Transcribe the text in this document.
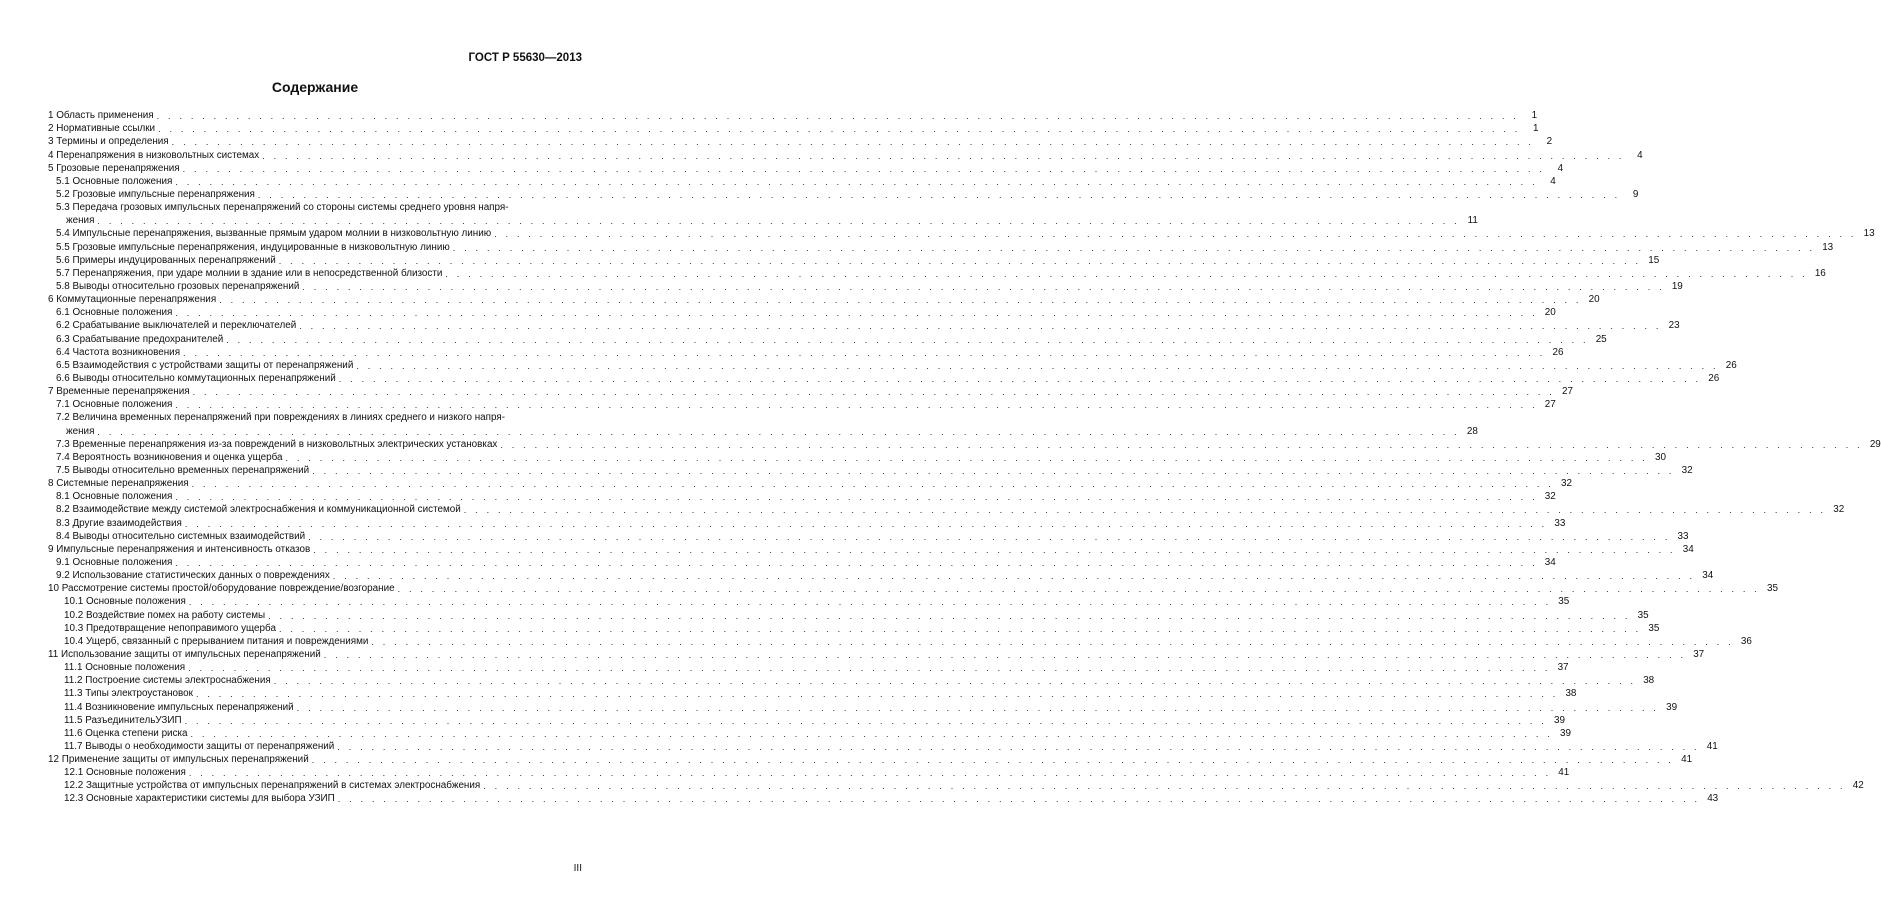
ГОСТ Р 55630—2013
Содержание
1 Область применения . . . . . . . . . . . . . . . . . . . . . . . . . . . . . . . . . . . . . . . . . . . . . . . . . . . . . . . . . . . . . . . . . . . . . . . . . . . . . . . . . . . . . . . . . . . . . . . . . . . . . . . . . . . . . . . . . . . . . . . .	1
2 Нормативные ссылки . . . . . . . . . . . . . . . . . . . . . . . . . . . . . . . . . . . . . . . . . . . . . . . . . . . . . . . . . . . . . . . . . . . . . . . . . . . . . . . . . . . . . . . . . . . . . . . . . . . . . . . . . . . . . . . . . . . . . . . .	1
3 Термины и определения . . . . . . . . . . . . . . . . . . . . . . . . . . . . . . . . . . . . . . . . . . . . . . . . . . . . . . . . . . . . . . . . . . . . . . . . . . . . . . . . . . . . . . . . . . . . . . . . . . . . . . . . . . . . . . . . . . . . . . . .	2
4 Перенапряжения в низковольтных системах . . . . . . . . . . . . . . . . . . . . . . . . . . . . . . . . . . . . . . . . . . . . . . . . . . . . . . . . . . . . . . . . . . . . . . . . . . . . . . . . . . . . . . . . . . . . . . . . . . . . . . . . . . . . . . . . . . . . . . . .	4
5 Грозовые перенапряжения . . . . . . . . . . . . . . . . . . . . . . . . . . . . . . . . . . . . . . . . . . . . . . . . . . . . . . . . . . . . . . . . . . . . . . . . . . . . . . . . . . . . . . . . . . . . . . . . . . . . . . . . . . . . . . . . . . . . . . . .	4
5.1 Основные положения . . . . . . . . . . . . . . . . . . . . . . . . . . . . . . . . . . . . . . . . . . . . . . . . . . . . . . . . . . . . . . . . . . . . . . . . . . . . . . . . . . . . . . . . . . . . . . . . . . . . . . . . . . . . . . . . . . . . . . . .	4
5.2 Грозовые импульсные перенапряжения . . . . . . . . . . . . . . . . . . . . . . . . . . . . . . . . . . . . . . . . . . . . . . . . . . . . . . . . . . . . . . . . . . . . . . . . . . . . . . . . . . . . . . . . . . . . . . . . . . . . . . . . . . . . . . . . . . . . . . . .	9
5.3 Передача грозовых импульсных перенапряжений со стороны системы среднего уровня напря-
жения . . . . . . . . . . . . . . . . . . . . . . . . . . . . . . . . . . . . . . . . . . . . . . . . . . . . . . . . . . . . . . . . . . . . . . . . . . . . . . . . . . . . . . . . . . . . . . . . . . . . . . . . . . . . . . . . . . . . . . . . 11
5.4 Импульсные перенапряжения, вызванные прямым ударом молнии в низковольтную линию . . . . . . . . . . . . . . . . . . . . . . . . . . . . . . . . . . . . . . . . . . . . . . . . . . . . . . . . . . . . . . . . . . . . . . . . . . . . . . . . . . . . . . . . . . . . . . . . . . . . . . . . . . . . . . . . . . . . . . . . 13
5.5 Грозовые импульсные перенапряжения, индуцированные в низковольтную линию . . . . . . . . . . . . . . . . . . . . . . . . . . . . . . . . . . . . . . . . . . . . . . . . . . . . . . . . . . . . . . . . . . . . . . . . . . . . . . . . . . . . . . . . . . . . . . . . . . . . . . . . . . . . . . . . . . . . . . . . 13
5.6 Примеры индуцированных перенапряжений . . . . . . . . . . . . . . . . . . . . . . . . . . . . . . . . . . . . . . . . . . . . . . . . . . . . . . . . . . . . . . . . . . . . . . . . . . . . . . . . . . . . . . . . . . . . . . . . . . . . . . . . . . . . . . . . . . . . . . . . 15
5.7 Перенапряжения, при ударе молнии в здание или в непосредственной близости . . . . . . . . . . . . . . . . . . . . . . . . . . . . . . . . . . . . . . . . . . . . . . . . . . . . . . . . . . . . . . . . . . . . . . . . . . . . . . . . . . . . . . . . . . . . . . . . . . . . . . . . . . . . . . . . . . . . . . . . 16
5.8 Выводы относительно грозовых перенапряжений . . . . . . . . . . . . . . . . . . . . . . . . . . . . . . . . . . . . . . . . . . . . . . . . . . . . . . . . . . . . . . . . . . . . . . . . . . . . . . . . . . . . . . . . . . . . . . . . . . . . . . . . . . . . . . . . . . . . . . . . 19
6 Коммутационные перенапряжения . . . . . . . . . . . . . . . . . . . . . . . . . . . . . . . . . . . . . . . . . . . . . . . . . . . . . . . . . . . . . . . . . . . . . . . . . . . . . . . . . . . . . . . . . . . . . . . . . . . . . . . . . . . . . . . . . . . . . . . . 20
6.1 Основные положения . . . . . . . . . . . . . . . . . . . . . . . . . . . . . . . . . . . . . . . . . . . . . . . . . . . . . . . . . . . . . . . . . . . . . . . . . . . . . . . . . . . . . . . . . . . . . . . . . . . . . . . . . . . . . . . . . . . . . . . . 20
6.2 Срабатывание выключателей и переключателей . . . . . . . . . . . . . . . . . . . . . . . . . . . . . . . . . . . . . . . . . . . . . . . . . . . . . . . . . . . . . . . . . . . . . . . . . . . . . . . . . . . . . . . . . . . . . . . . . . . . . . . . . . . . . . . . . . . . . . . . 23
6.3 Срабатывание предохранителей . . . . . . . . . . . . . . . . . . . . . . . . . . . . . . . . . . . . . . . . . . . . . . . . . . . . . . . . . . . . . . . . . . . . . . . . . . . . . . . . . . . . . . . . . . . . . . . . . . . . . . . . . . . . . . . . . . . . . . . . 25
6.4 Частота возникновения . . . . . . . . . . . . . . . . . . . . . . . . . . . . . . . . . . . . . . . . . . . . . . . . . . . . . . . . . . . . . . . . . . . . . . . . . . . . . . . . . . . . . . . . . . . . . . . . . . . . . . . . . . . . . . . . . . . . . . . . 26
6.5 Взаимодействия с устройствами защиты от перенапряжений . . . . . . . . . . . . . . . . . . . . . . . . . . . . . . . . . . . . . . . . . . . . . . . . . . . . . . . . . . . . . . . . . . . . . . . . . . . . . . . . . . . . . . . . . . . . . . . . . . . . . . . . . . . . . . . . . . . . . . . . 26
6.6 Выводы относительно коммутационных перенапряжений . . . . . . . . . . . . . . . . . . . . . . . . . . . . . . . . . . . . . . . . . . . . . . . . . . . . . . . . . . . . . . . . . . . . . . . . . . . . . . . . . . . . . . . . . . . . . . . . . . . . . . . . . . . . . . . . . . . . . . . . 26
7 Временные перенапряжения . . . . . . . . . . . . . . . . . . . . . . . . . . . . . . . . . . . . . . . . . . . . . . . . . . . . . . . . . . . . . . . . . . . . . . . . . . . . . . . . . . . . . . . . . . . . . . . . . . . . . . . . . . . . . . . . . . . . . . . . 27
7.1 Основные положения . . . . . . . . . . . . . . . . . . . . . . . . . . . . . . . . . . . . . . . . . . . . . . . . . . . . . . . . . . . . . . . . . . . . . . . . . . . . . . . . . . . . . . . . . . . . . . . . . . . . . . . . . . . . . . . . . . . . . . . . 27
7.2 Величина временных перенапряжений при повреждениях в линиях среднего и низкого напря-
жения . . . . . . . . . . . . . . . . . . . . . . . . . . . . . . . . . . . . . . . . . . . . . . . . . . . . . . . . . . . . . . . . . . . . . . . . . . . . . . . . . . . . . . . . . . . . . . . . . . . . . . . . . . . . . . . . . . . . . . . . 28
7.3 Временные перенапряжения из-за повреждений в низковольтных электрических установках . . . . . . . . . . . . . . . . . . . . . . . . . . . . . . . . . . . . . . . . . . . . . . . . . . . . . . . . . . . . . . . . . . . . . . . . . . . . . . . . . . . . . . . . . . . . . . . . . . . . . . . . . . . . . . . . . . . . . . . . 29
7.4 Вероятность возникновения и оценка ущерба . . . . . . . . . . . . . . . . . . . . . . . . . . . . . . . . . . . . . . . . . . . . . . . . . . . . . . . . . . . . . . . . . . . . . . . . . . . . . . . . . . . . . . . . . . . . . . . . . . . . . . . . . . . . . . . . . . . . . . . . 30
7.5 Выводы относительно временных перенапряжений . . . . . . . . . . . . . . . . . . . . . . . . . . . . . . . . . . . . . . . . . . . . . . . . . . . . . . . . . . . . . . . . . . . . . . . . . . . . . . . . . . . . . . . . . . . . . . . . . . . . . . . . . . . . . . . . . . . . . . . . 32
8 Системные перенапряжения . . . . . . . . . . . . . . . . . . . . . . . . . . . . . . . . . . . . . . . . . . . . . . . . . . . . . . . . . . . . . . . . . . . . . . . . . . . . . . . . . . . . . . . . . . . . . . . . . . . . . . . . . . . . . . . . . . . . . . . . 32
8.1 Основные положения . . . . . . . . . . . . . . . . . . . . . . . . . . . . . . . . . . . . . . . . . . . . . . . . . . . . . . . . . . . . . . . . . . . . . . . . . . . . . . . . . . . . . . . . . . . . . . . . . . . . . . . . . . . . . . . . . . . . . . . . 32
8.2 Взаимодействие между системой электроснабжения и коммуникационной системой . . . . . . . . . . . . . . . . . . . . . . . . . . . . . . . . . . . . . . . . . . . . . . . . . . . . . . . . . . . . . . . . . . . . . . . . . . . . . . . . . . . . . . . . . . . . . . . . . . . . . . . . . . . . . . . . . . . . . . . . 32
8.3 Другие взаимодействия . . . . . . . . . . . . . . . . . . . . . . . . . . . . . . . . . . . . . . . . . . . . . . . . . . . . . . . . . . . . . . . . . . . . . . . . . . . . . . . . . . . . . . . . . . . . . . . . . . . . . . . . . . . . . . . . . . . . . . . . 33
8.4 Выводы относительно системных взаимодействий . . . . . . . . . . . . . . . . . . . . . . . . . . . . . . . . . . . . . . . . . . . . . . . . . . . . . . . . . . . . . . . . . . . . . . . . . . . . . . . . . . . . . . . . . . . . . . . . . . . . . . . . . . . . . . . . . . . . . . . . 33
9 Импульсные перенапряжения и интенсивность отказов . . . . . . . . . . . . . . . . . . . . . . . . . . . . . . . . . . . . . . . . . . . . . . . . . . . . . . . . . . . . . . . . . . . . . . . . . . . . . . . . . . . . . . . . . . . . . . . . . . . . . . . . . . . . . . . . . . . . . . . . 34
9.1 Основные положения . . . . . . . . . . . . . . . . . . . . . . . . . . . . . . . . . . . . . . . . . . . . . . . . . . . . . . . . . . . . . . . . . . . . . . . . . . . . . . . . . . . . . . . . . . . . . . . . . . . . . . . . . . . . . . . . . . . . . . . . 34
9.2 Использование статистических данных о повреждениях . . . . . . . . . . . . . . . . . . . . . . . . . . . . . . . . . . . . . . . . . . . . . . . . . . . . . . . . . . . . . . . . . . . . . . . . . . . . . . . . . . . . . . . . . . . . . . . . . . . . . . . . . . . . . . . . . . . . . . . . 34
10 Рассмотрение системы простой/оборудование повреждение/возгорание . . . . . . . . . . . . . . . . . . . . . . . . . . . . . . . . . . . . . . . . . . . . . . . . . . . . . . . . . . . . . . . . . . . . . . . . . . . . . . . . . . . . . . . . . . . . . . . . . . . . . . . . . . . . . . . . . . . . . . . . 35
10.1 Основные положения . . . . . . . . . . . . . . . . . . . . . . . . . . . . . . . . . . . . . . . . . . . . . . . . . . . . . . . . . . . . . . . . . . . . . . . . . . . . . . . . . . . . . . . . . . . . . . . . . . . . . . . . . . . . . . . . . . . . . . . . 35
10.2 Воздействие помех на работу системы . . . . . . . . . . . . . . . . . . . . . . . . . . . . . . . . . . . . . . . . . . . . . . . . . . . . . . . . . . . . . . . . . . . . . . . . . . . . . . . . . . . . . . . . . . . . . . . . . . . . . . . . . . . . . . . . . . . . . . . . 35
10.3 Предотвращение непоправимого ущерба . . . . . . . . . . . . . . . . . . . . . . . . . . . . . . . . . . . . . . . . . . . . . . . . . . . . . . . . . . . . . . . . . . . . . . . . . . . . . . . . . . . . . . . . . . . . . . . . . . . . . . . . . . . . . . . . . . . . . . . . 35
10.4 Ущерб, связанный с прерыванием питания и повреждениями . . . . . . . . . . . . . . . . . . . . . . . . . . . . . . . . . . . . . . . . . . . . . . . . . . . . . . . . . . . . . . . . . . . . . . . . . . . . . . . . . . . . . . . . . . . . . . . . . . . . . . . . . . . . . . . . . . . . . . . . 36
11 Использование защиты от импульсных перенапряжений . . . . . . . . . . . . . . . . . . . . . . . . . . . . . . . . . . . . . . . . . . . . . . . . . . . . . . . . . . . . . . . . . . . . . . . . . . . . . . . . . . . . . . . . . . . . . . . . . . . . . . . . . . . . . . . . . . . . . . . . 37
11.1 Основные положения . . . . . . . . . . . . . . . . . . . . . . . . . . . . . . . . . . . . . . . . . . . . . . . . . . . . . . . . . . . . . . . . . . . . . . . . . . . . . . . . . . . . . . . . . . . . . . . . . . . . . . . . . . . . . . . . . . . . . . . . 37
11.2 Построение системы электроснабжения . . . . . . . . . . . . . . . . . . . . . . . . . . . . . . . . . . . . . . . . . . . . . . . . . . . . . . . . . . . . . . . . . . . . . . . . . . . . . . . . . . . . . . . . . . . . . . . . . . . . . . . . . . . . . . . . . . . . . . . . 38
11.3 Типы электроустановок . . . . . . . . . . . . . . . . . . . . . . . . . . . . . . . . . . . . . . . . . . . . . . . . . . . . . . . . . . . . . . . . . . . . . . . . . . . . . . . . . . . . . . . . . . . . . . . . . . . . . . . . . . . . . . . . . . . . . . . . 38
11.4 Возникновение импульсных перенапряжений . . . . . . . . . . . . . . . . . . . . . . . . . . . . . . . . . . . . . . . . . . . . . . . . . . . . . . . . . . . . . . . . . . . . . . . . . . . . . . . . . . . . . . . . . . . . . . . . . . . . . . . . . . . . . . . . . . . . . . . . 39
11.5 РазъединительУЗИП . . . . . . . . . . . . . . . . . . . . . . . . . . . . . . . . . . . . . . . . . . . . . . . . . . . . . . . . . . . . . . . . . . . . . . . . . . . . . . . . . . . . . . . . . . . . . . . . . . . . . . . . . . . . . . . . . . . . . . . . 39
11.6 Оценка степени риска . . . . . . . . . . . . . . . . . . . . . . . . . . . . . . . . . . . . . . . . . . . . . . . . . . . . . . . . . . . . . . . . . . . . . . . . . . . . . . . . . . . . . . . . . . . . . . . . . . . . . . . . . . . . . . . . . . . . . . . . 39
11.7 Выводы о необходимости защиты от перенапряжений . . . . . . . . . . . . . . . . . . . . . . . . . . . . . . . . . . . . . . . . . . . . . . . . . . . . . . . . . . . . . . . . . . . . . . . . . . . . . . . . . . . . . . . . . . . . . . . . . . . . . . . . . . . . . . . . . . . . . . . . 41
12 Применение защиты от импульсных перенапряжений . . . . . . . . . . . . . . . . . . . . . . . . . . . . . . . . . . . . . . . . . . . . . . . . . . . . . . . . . . . . . . . . . . . . . . . . . . . . . . . . . . . . . . . . . . . . . . . . . . . . . . . . . . . . . . . . . . . . . . . . 41
12.1 Основные положения . . . . . . . . . . . . . . . . . . . . . . . . . . . . . . . . . . . . . . . . . . . . . . . . . . . . . . . . . . . . . . . . . . . . . . . . . . . . . . . . . . . . . . . . . . . . . . . . . . . . . . . . . . . . . . . . . . . . . . . . 41
12.2 Защитные устройства от импульсных перенапряжений в системах электроснабжения . . . . . . . . . . . . . . . . . . . . . . . . . . . . . . . . . . . . . . . . . . . . . . . . . . . . . . . . . . . . . . . . . . . . . . . . . . . . . . . . . . . . . . . . . . . . . . . . . . . . . . . . . . . . . . . . . . . . . . . . 42
12.3 Основные характеристики системы для выбора УЗИП . . . . . . . . . . . . . . . . . . . . . . . . . . . . . . . . . . . . . . . . . . . . . . . . . . . . . . . . . . . . . . . . . . . . . . . . . . . . . . . . . . . . . . . . . . . . . . . . . . . . . . . . . . . . . . . . . . . . . . . . 43
III
